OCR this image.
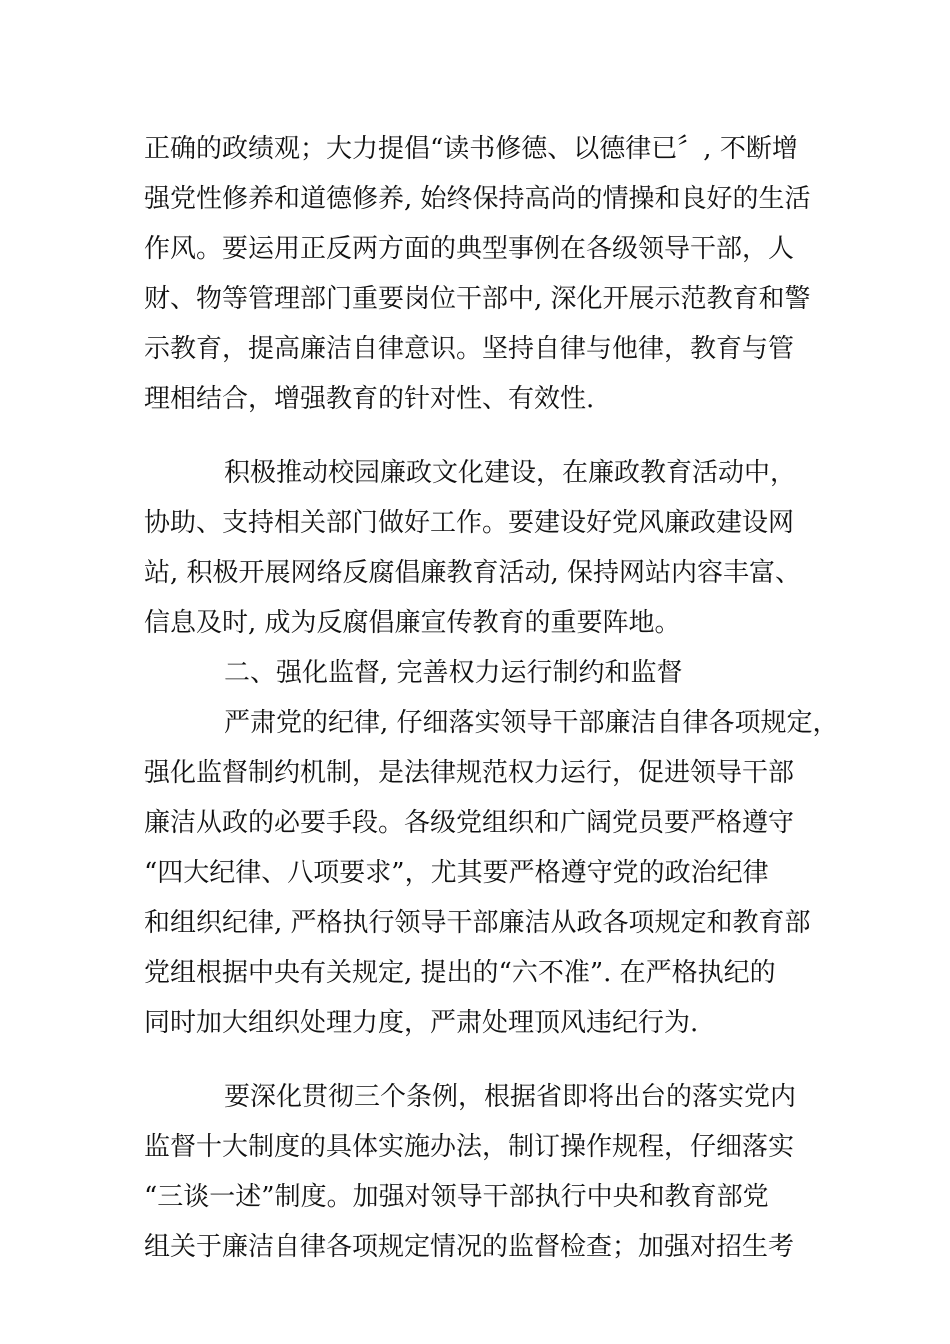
正确的政绩观；大力提倡“读书修德、以德律已〞, 不断增
强党性修养和道德修养, 始终保持高尚的情操和良好的生活
作风。要运用正反两方面的典型事例在各级领导干部，人
财、物等管理部门重要岗位干部中, 深化开展示范教育和警
示教育，提高廉洁自律意识。坚持自律与他律，教育与管
理相结合，增强教育的针对性、有效性.
积极推动校园廉政文化建设，在廉政教育活动中，
协助、支持相关部门做好工作。要建设好党风廉政建设网
站, 积极开展网络反腐倡廉教育活动, 保持网站内容丰富、
信息及时, 成为反腐倡廉宣传教育的重要阵地。
二、强化监督, 完善权力运行制约和监督
严肃党的纪律, 仔细落实领导干部廉洁自律各项规定，
强化监督制约机制，是法律规范权力运行，促进领导干部
廉洁从政的必要手段。各级党组织和广阔党员要严格遵守
“四大纪律、八项要求”，尤其要严格遵守党的政治纪律
和组织纪律, 严格执行领导干部廉洁从政各项规定和教育部
党组根据中央有关规定, 提出的“六不准”. 在严格执纪的
同时加大组织处理力度，严肃处理顶风违纪行为.
要深化贯彻三个条例，根据省即将出台的落实党内
监督十大制度的具体实施办法，制订操作规程，仔细落实
“三谈一述”制度。加强对领导干部执行中央和教育部党
组关于廉洁自律各项规定情况的监督检查；加强对招生考
